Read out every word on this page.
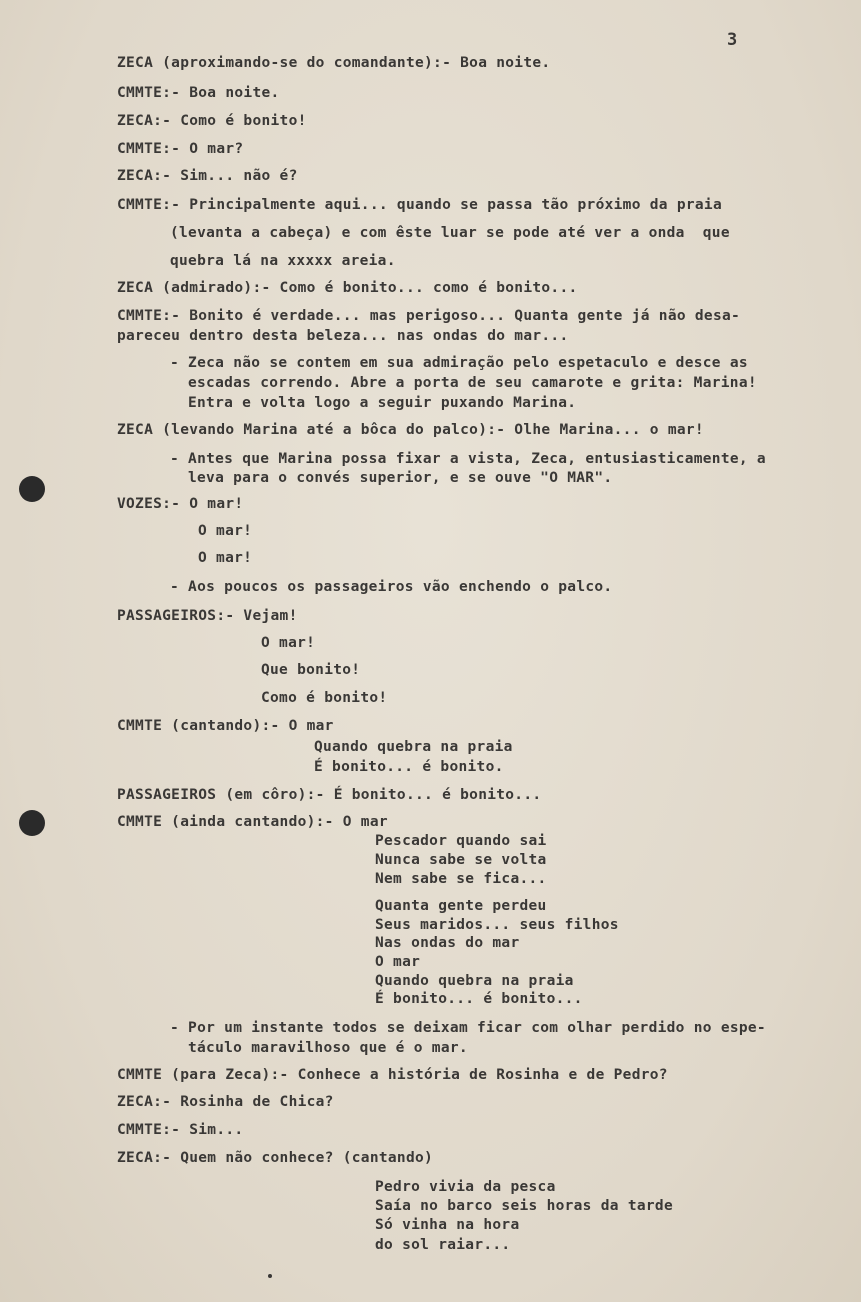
3
ZECA (aproximando-se do comandante):- Boa noite.
CMMTE:- Boa noite.
ZECA:- Como é bonito!
CMMTE:- O mar?
ZECA:- Sim... não é?
CMMTE:- Principalmente aqui... quando se passa tão próximo da praia
(levanta a cabeça) e com êste luar se pode até ver a onda  que
quebra lá na xxxxx areia.
ZECA (admirado):- Como é bonito... como é bonito...
CMMTE:- Bonito é verdade... mas perigoso... Quanta gente já não desa-
pareceu dentro desta beleza... nas ondas do mar...
- Zeca não se contem em sua admiração pelo espetaculo e desce as
escadas correndo. Abre a porta de seu camarote e grita: Marina!
Entra e volta logo a seguir puxando Marina.
ZECA (levando Marina até a bôca do palco):- Olhe Marina... o mar!
- Antes que Marina possa fixar a vista, Zeca, entusiasticamente, a
leva para o convés superior, e se ouve "O MAR".
VOZES:- O mar!
O mar!
O mar!
- Aos poucos os passageiros vão enchendo o palco.
PASSAGEIROS:- Vejam!
O mar!
Que bonito!
Como é bonito!
CMMTE (cantando):- O mar
Quando quebra na praia
É bonito... é bonito.
PASSAGEIROS (em côro):- É bonito... é bonito...
CMMTE (ainda cantando):- O mar
Pescador quando sai
Nunca sabe se volta
Nem sabe se fica...
Quanta gente perdeu
Seus maridos... seus filhos
Nas ondas do mar
O mar
Quando quebra na praia
É bonito... é bonito...
- Por um instante todos se deixam ficar com olhar perdido no espe-
táculo maravilhoso que é o mar.
CMMTE (para Zeca):- Conhece a história de Rosinha e de Pedro?
ZECA:- Rosinha de Chica?
CMMTE:- Sim...
ZECA:- Quem não conhece? (cantando)
Pedro vivia da pesca
Saía no barco seis horas da tarde
Só vinha na hora
do sol raiar...
